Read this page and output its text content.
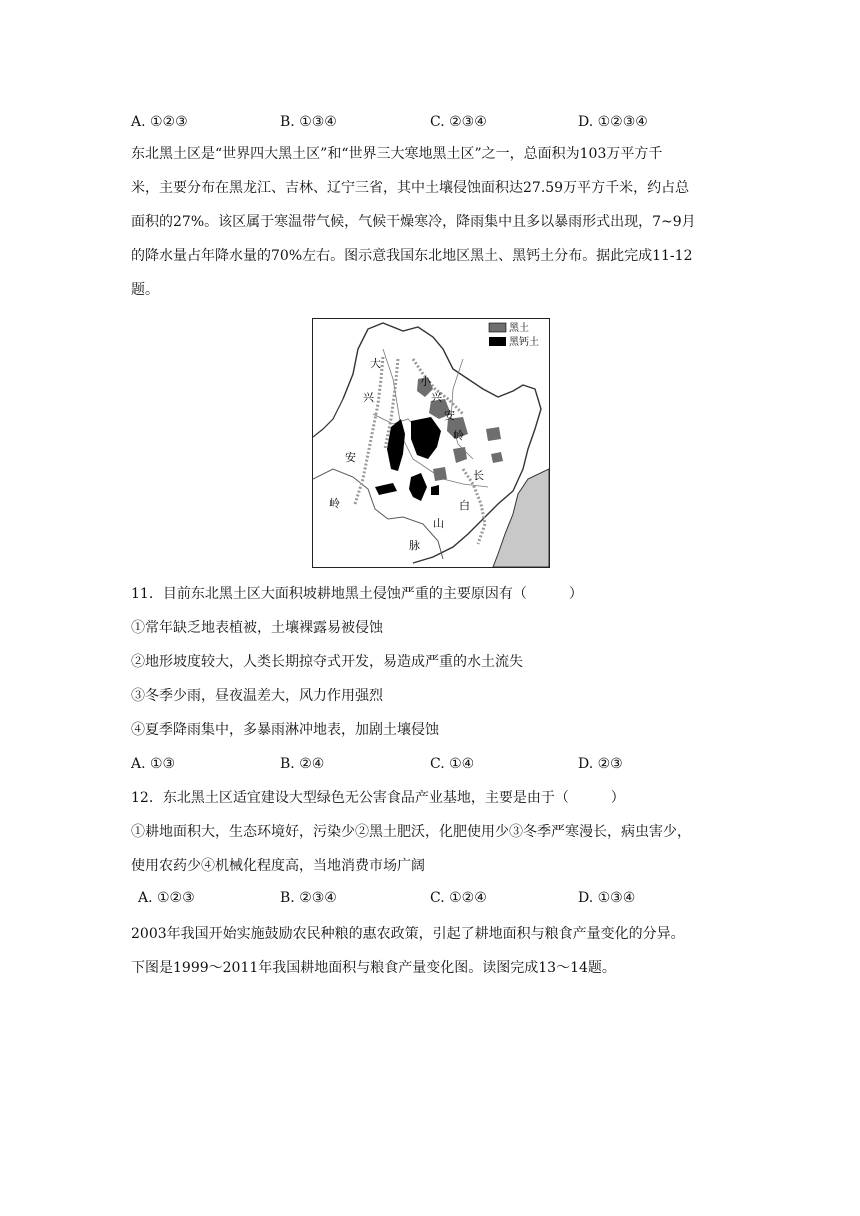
A. ①②③	B. ①③④	C. ②③④	D. ①②③④
东北黑土区是“世界四大黑土区”和“世界三大寒地黑土区”之一，总面积为103万平方千
米，主要分布在黑龙江、吉林、辽宁三省，其中土壤侵蚀面积达27.59万平方千米，约占总
面积的27%。该区属于寒温带气候，气候干燥寒冷，降雨集中且多以暴雨形式出现，7~9月
的降水量占年降水量的70%左右。图示意我国东北地区黑土、黑钙土分布。据此完成11-12
题。
黑土
黑钙土
大
兴
安
岭
小
兴
安
岭
长
白
山
脉
11．目前东北黑土区大面积坡耕地黑土侵蚀严重的主要原因有（　　　）
①常年缺乏地表植被，土壤裸露易被侵蚀
②地形坡度较大，人类长期掠夺式开发，易造成严重的水土流失
③冬季少雨，昼夜温差大，风力作用强烈
④夏季降雨集中，多暴雨淋冲地表，加剧土壤侵蚀
A. ①③	B. ②④	C. ①④	D. ②③
12．东北黑土区适宜建设大型绿色无公害食品产业基地，主要是由于（　　　）
①耕地面积大，生态环境好，污染少②黑土肥沃，化肥使用少③冬季严寒漫长，病虫害少，
使用农药少④机械化程度高，当地消费市场广阔
A. ①②③	B. ②③④	C. ①②④	D. ①③④
2003年我国开始实施鼓励农民种粮的惠农政策，引起了耕地面积与粮食产量变化的分异。
下图是1999～2011年我国耕地面积与粮食产量变化图。读图完成13～14题。
